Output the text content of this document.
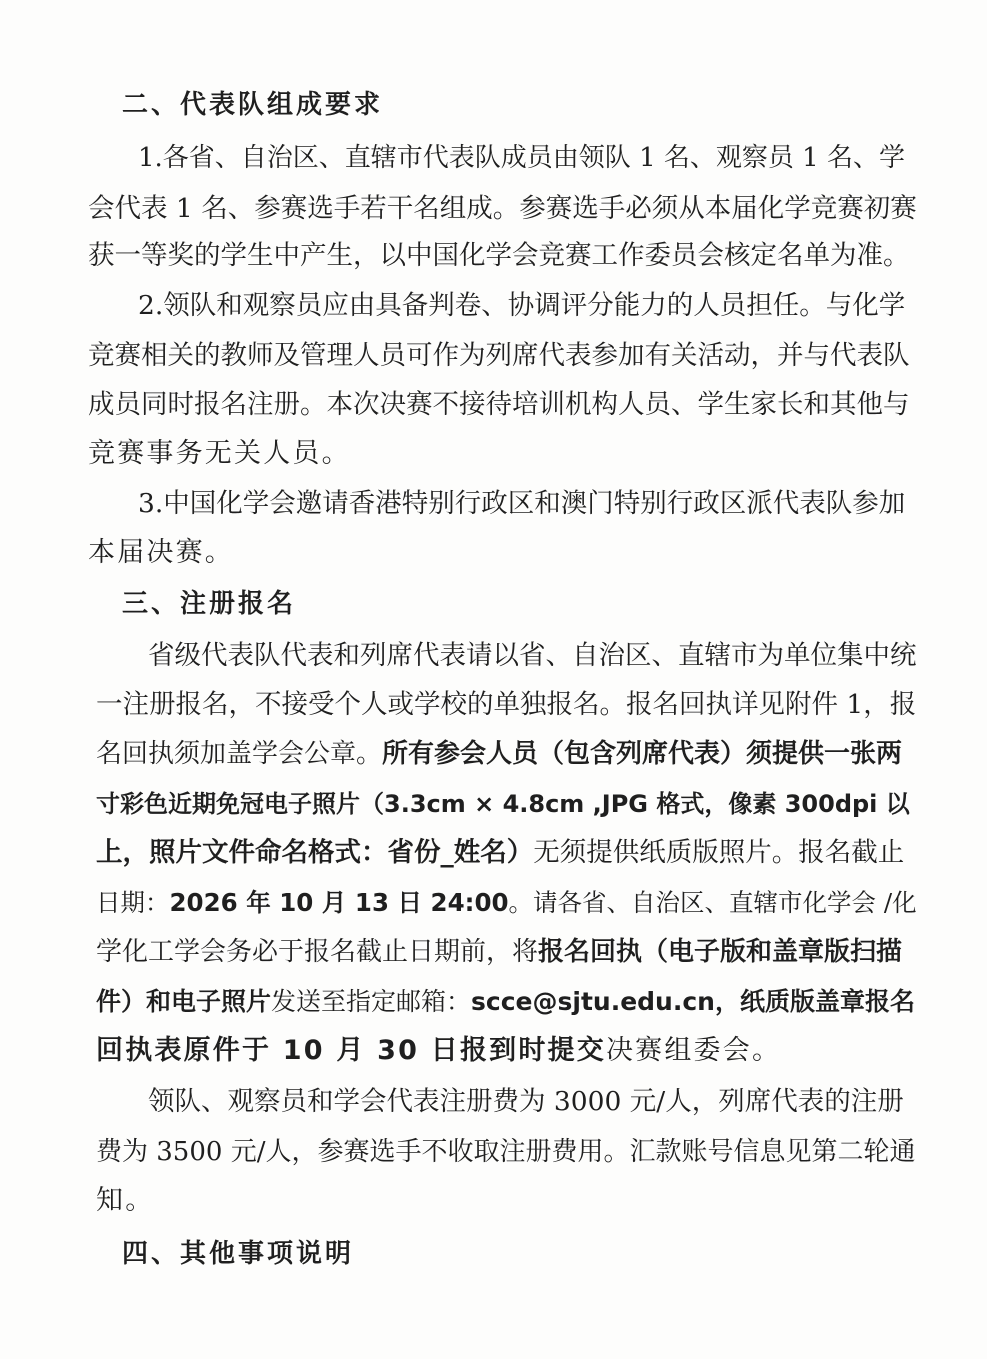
二、代表队组成要求
1.各省、自治区、直辖市代表队成员由领队 1 名、观察员 1 名、学
会代表 1 名、参赛选手若干名组成。参赛选手必须从本届化学竞赛初赛
获一等奖的学生中产生，以中国化学会竞赛工作委员会核定名单为准。
2.领队和观察员应由具备判卷、协调评分能力的人员担任。与化学
竞赛相关的教师及管理人员可作为列席代表参加有关活动，并与代表队
成员同时报名注册。本次决赛不接待培训机构人员、学生家长和其他与
竞赛事务无关人员。
3.中国化学会邀请香港特别行政区和澳门特别行政区派代表队参加
本届决赛。
三、注册报名
省级代表队代表和列席代表请以省、自治区、直辖市为单位集中统
一注册报名，不接受个人或学校的单独报名。报名回执详见附件 1，报
名回执须加盖学会公章。所有参会人员（包含列席代表）须提供一张两
寸彩色近期免冠电子照片（3.3cm × 4.8cm ,JPG 格式，像素 300dpi 以
上，照片文件命名格式：省份_姓名）无须提供纸质版照片。报名截止
日期：2026 年 10 月 13 日 24:00。请各省、自治区、直辖市化学会 /化
学化工学会务必于报名截止日期前，将报名回执（电子版和盖章版扫描
件）和电子照片发送至指定邮箱：scce@sjtu.edu.cn，纸质版盖章报名
回执表原件于 10 月 30 日报到时提交决赛组委会。
领队、观察员和学会代表注册费为 3000 元/人，列席代表的注册
费为 3500 元/人，参赛选手不收取注册费用。汇款账号信息见第二轮通
知。
四、其他事项说明
